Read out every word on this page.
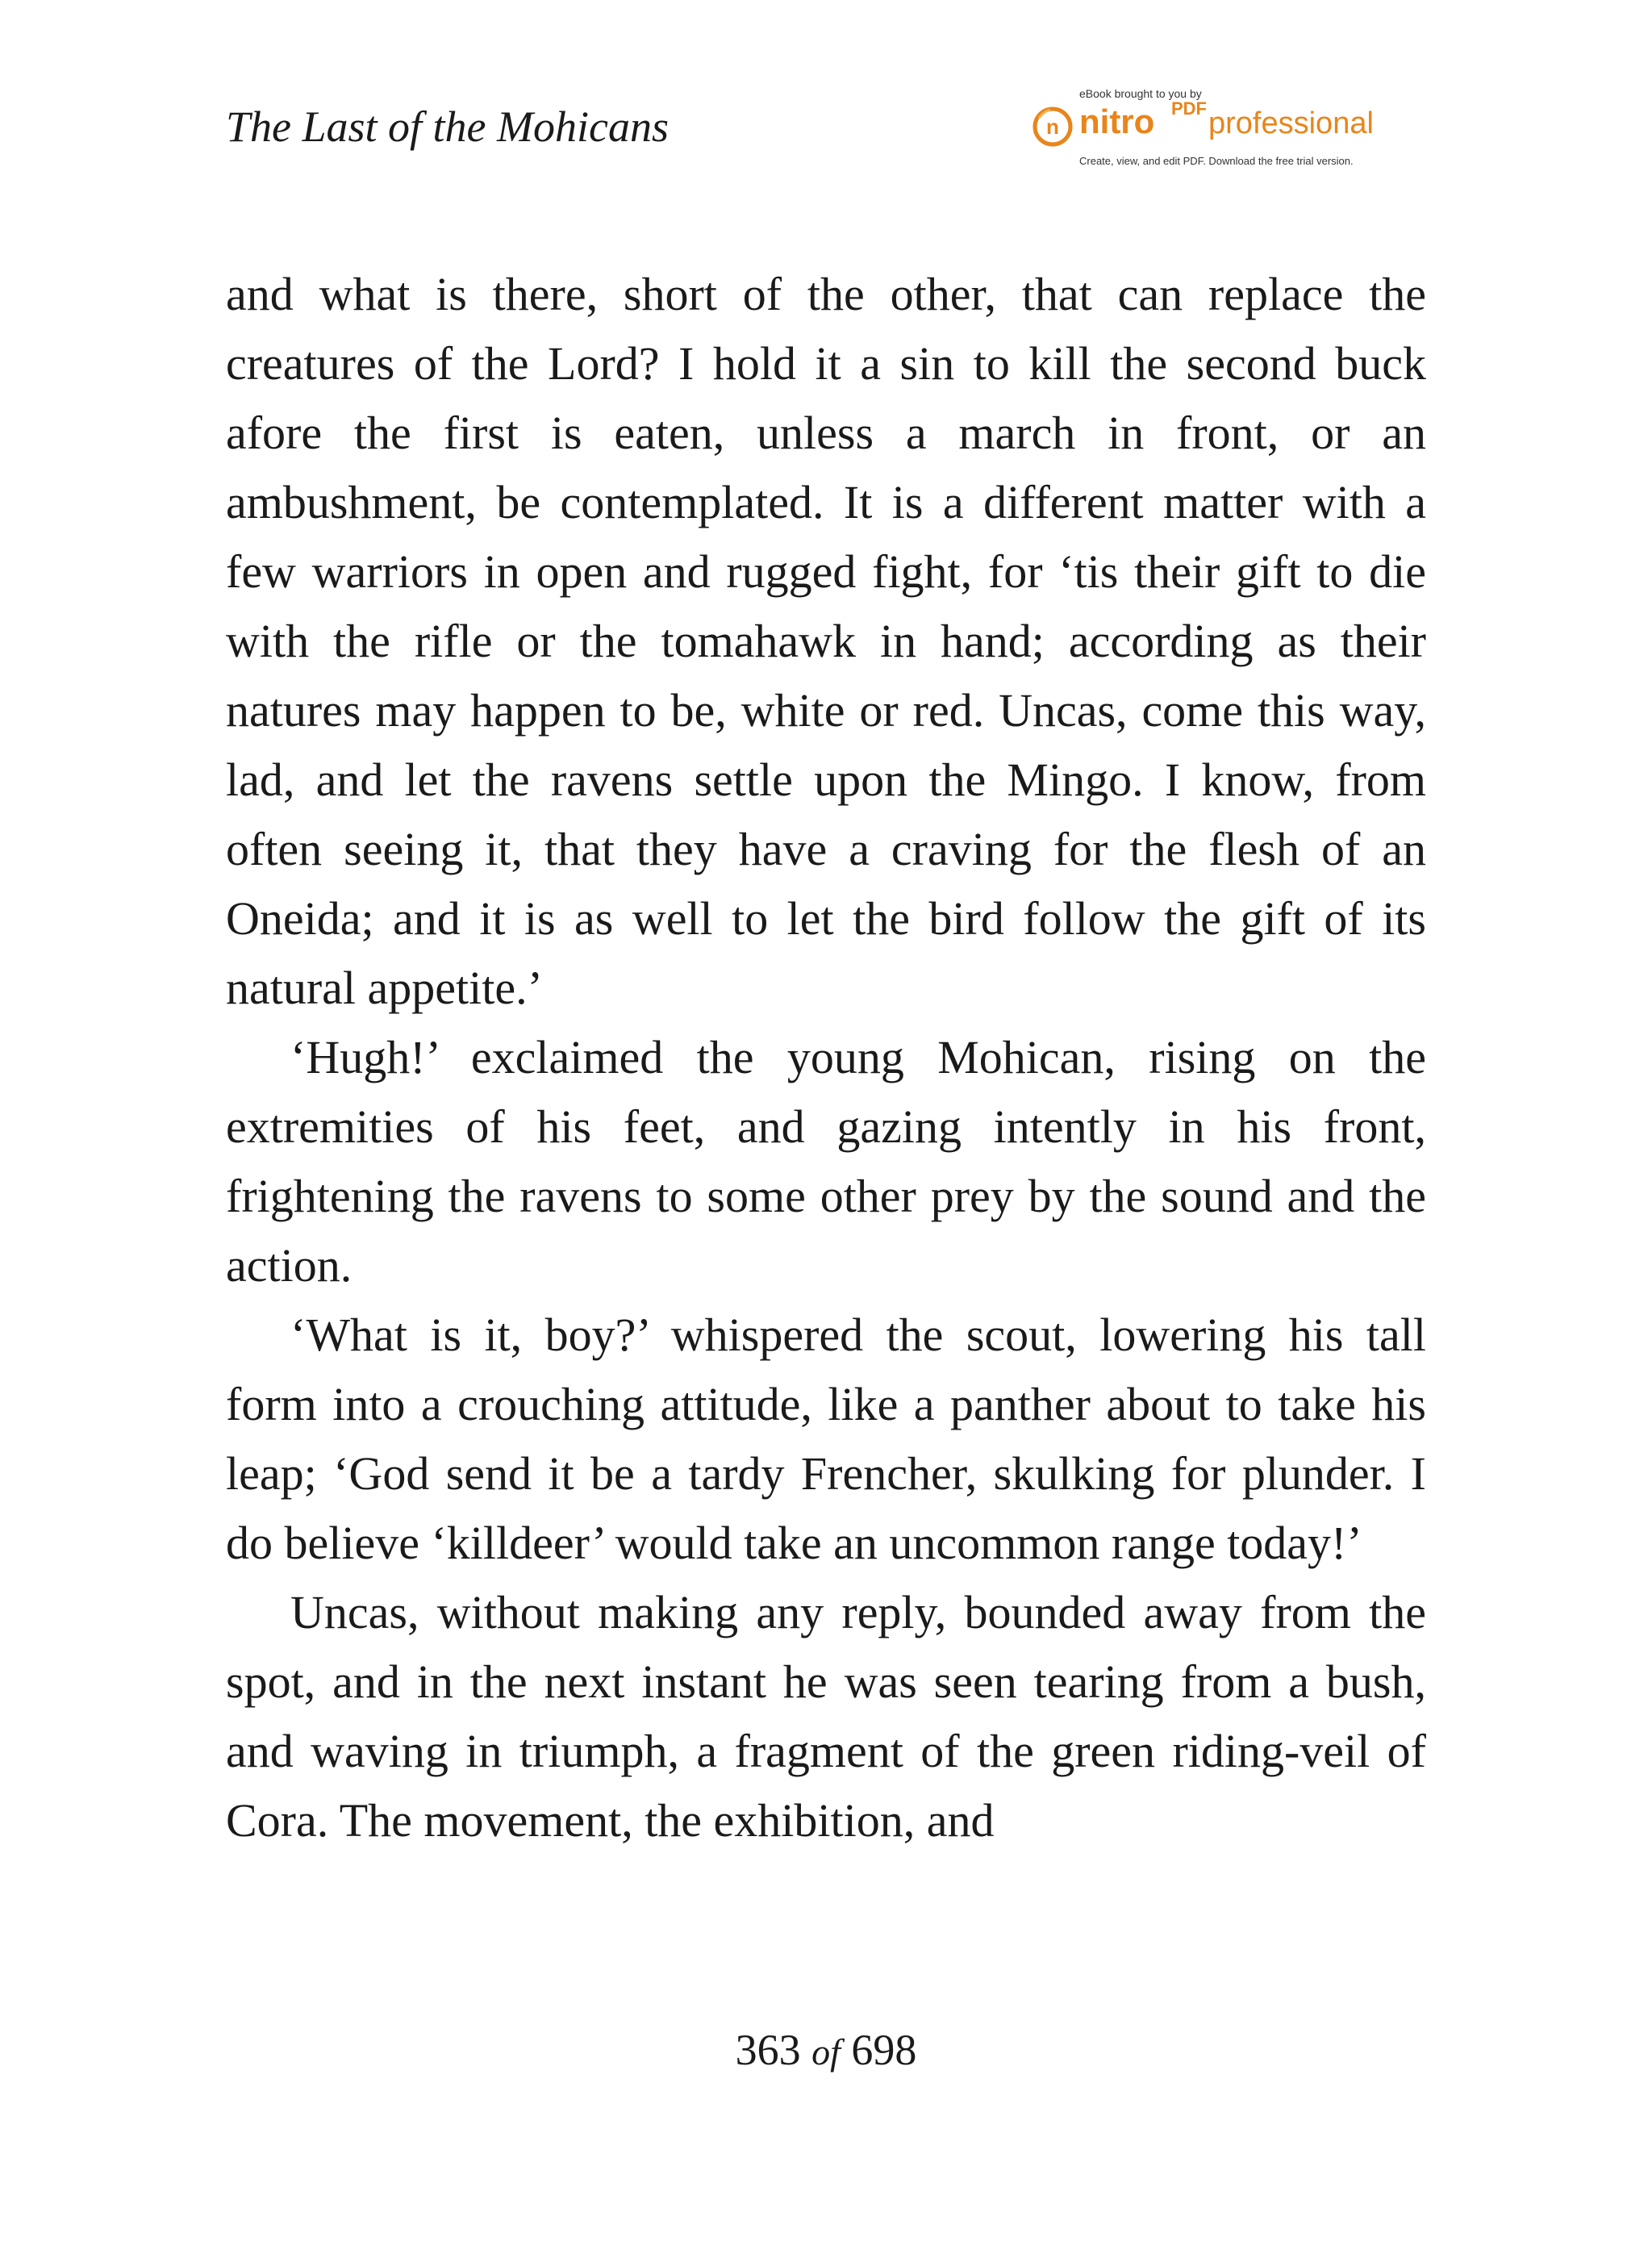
The Last of the Mohicans
eBook brought to you by
n nitro PDF professional
Create, view, and edit PDF. Download the free trial version.

and what is there, short of the other, that can replace the creatures of the Lord? I hold it a sin to kill the second buck afore the first is eaten, unless a march in front, or an ambushment, be contemplated. It is a different matter with a few warriors in open and rugged fight, for ‘tis their gift to die with the rifle or the tomahawk in hand; according as their natures may happen to be, white or red. Uncas, come this way, lad, and let the ravens settle upon the Mingo. I know, from often seeing it, that they have a craving for the flesh of an Oneida; and it is as well to let the bird follow the gift of its natural appetite.’

‘Hugh!’ exclaimed the young Mohican, rising on the extremities of his feet, and gazing intently in his front, frightening the ravens to some other prey by the sound and the action.

‘What is it, boy?’ whispered the scout, lowering his tall form into a crouching attitude, like a panther about to take his leap; ‘God send it be a tardy Frencher, skulking for plunder. I do believe ‘killdeer’ would take an uncommon range today!’

Uncas, without making any reply, bounded away from the spot, and in the next instant he was seen tearing from a bush, and waving in triumph, a fragment of the green riding-veil of Cora. The movement, the exhibition, and

363 of 698
